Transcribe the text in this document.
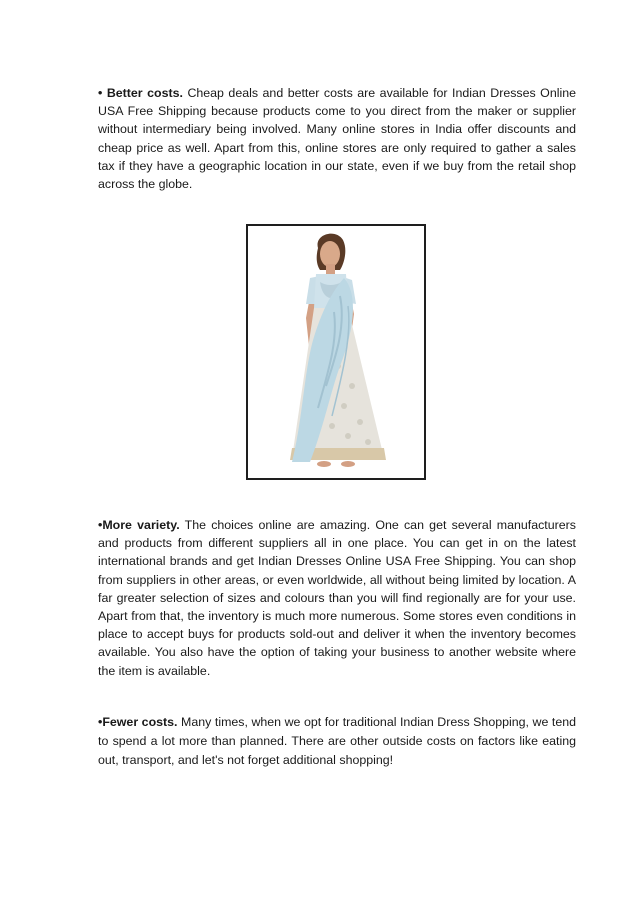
• Better costs. Cheap deals and better costs are available for Indian Dresses Online USA Free Shipping because products come to you direct from the maker or supplier without intermediary being involved. Many online stores in India offer discounts and cheap price as well. Apart from this, online stores are only required to gather a sales tax if they have a geographic location in our state, even if we buy from the retail shop across the globe.

•More variety. The choices online are amazing. One can get several manufacturers and products from different suppliers all in one place. You can get in on the latest international brands and get Indian Dresses Online USA Free Shipping. You can shop from suppliers in other areas, or even worldwide, all without being limited by location. A far greater selection of sizes and colours than you will find regionally are for your use. Apart from that, the inventory is much more numerous. Some stores even conditions in place to accept buys for products sold-out and deliver it when the inventory becomes available. You also have the option of taking your business to another website where the item is available.

•Fewer costs. Many times, when we opt for traditional Indian Dress Shopping, we tend to spend a lot more than planned. There are other outside costs on factors like eating out, transport, and let's not forget additional shopping!
